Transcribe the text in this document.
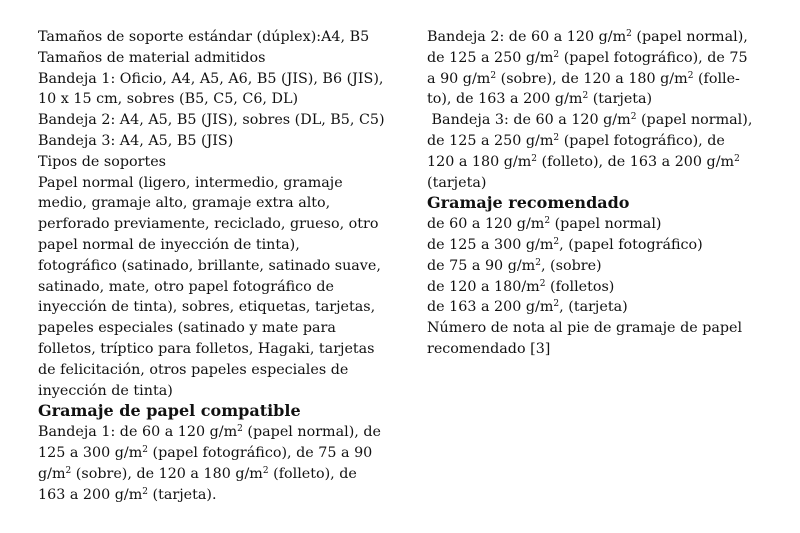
Tamaños de soporte estándar (dúplex):A4, B5
Tamaños de material admitidos
Bandeja 1: Oficio, A4, A5, A6, B5 (JIS), B6 (JIS),
10 x 15 cm, sobres (B5, C5, C6, DL)
Bandeja 2: A4, A5, B5 (JIS), sobres (DL, B5, C5)
Bandeja 3: A4, A5, B5 (JIS)
Tipos de soportes
Papel normal (ligero, intermedio, gramaje
medio, gramaje alto, gramaje extra alto,
perforado previamente, reciclado, grueso, otro
papel normal de inyección de tinta),
fotográfico (satinado, brillante, satinado suave,
satinado, mate, otro papel fotográfico de
inyección de tinta), sobres, etiquetas, tarjetas,
papeles especiales (satinado y mate para
folletos, tríptico para folletos, Hagaki, tarjetas
de felicitación, otros papeles especiales de
inyección de tinta)
Gramaje de papel compatible
Bandeja 1: de 60 a 120 $g/m^2$ (papel normal), de
125 a 300 $g/m^2$ (papel fotográfico), de 75 a 90
$g/m^2$ (sobre), de 120 a 180 $g/m^2$ (folleto), de
163 a 200 $g/m^2$ (tarjeta).
Bandeja 2: de 60 a 120 $g/m^2$ (papel normal),
de 125 a 250 $g/m^2$ (papel fotográfico), de 75
a 90 $g/m^2$ (sobre), de 120 a 180 $g/m^2$ (folle-
to), de 163 a 200 $g/m^2$ (tarjeta)
Bandeja 3: de 60 a 120 $g/m^2$ (papel normal),
de 125 a 250 $g/m^2$ (papel fotográfico), de
120 a 180 $g/m^2$ (folleto), de 163 a 200 $g/m^2$
(tarjeta)
Gramaje recomendado
de 60 a 120 $g/m^2$ (papel normal)
de 125 a 300 $g/m^2$, (papel fotográfico)
de 75 a 90 $g/m^2$, (sobre)
de 120 a $180/m^2$ (folletos)
de 163 a 200 $g/m^2$, (tarjeta)
Número de nota al pie de gramaje de papel
recomendado [3]
